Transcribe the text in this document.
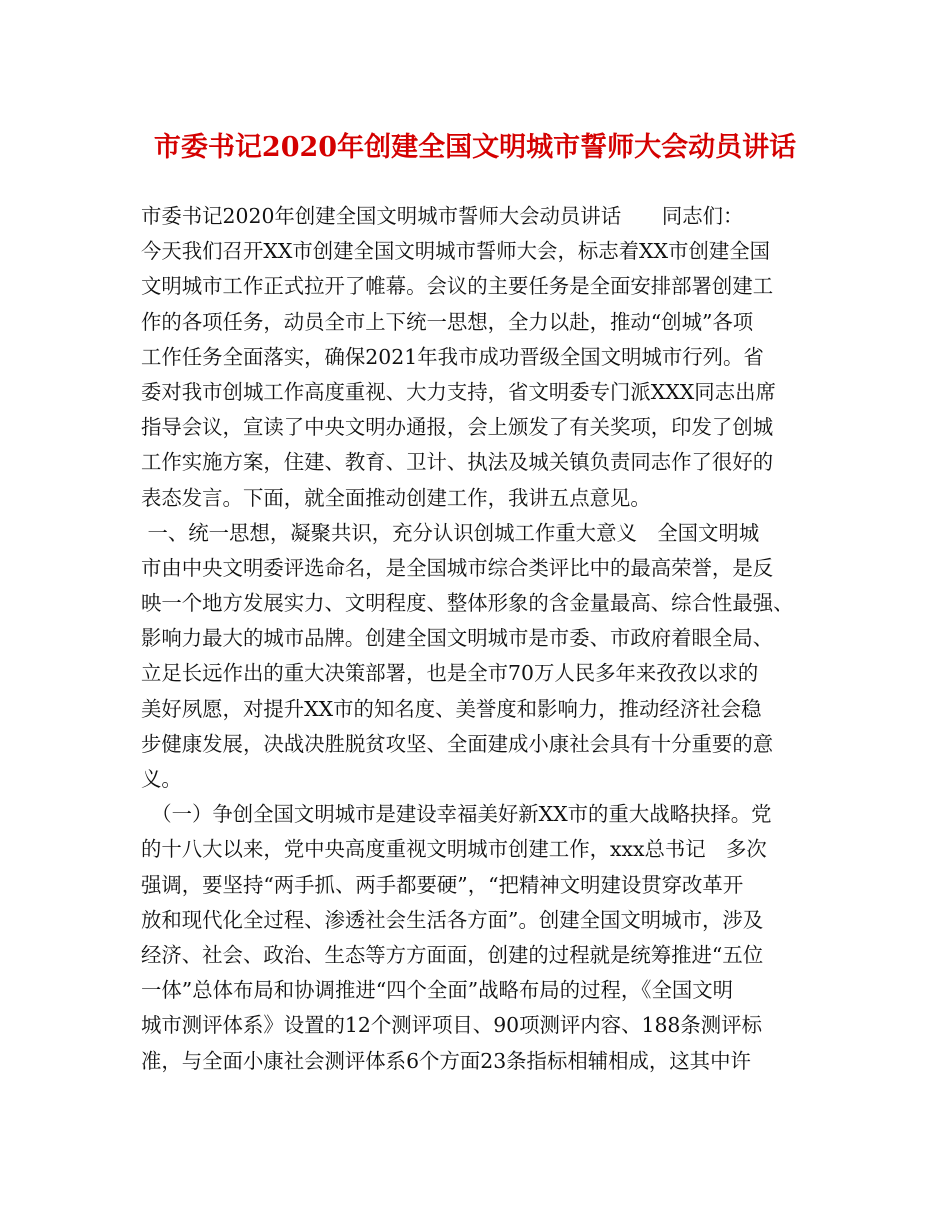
市委书记2020年创建全国文明城市誓师大会动员讲话
市委书记2020年创建全国文明城市誓师大会动员讲话　　同志们：
今天我们召开XX市创建全国文明城市誓师大会，标志着XX市创建全国
文明城市工作正式拉开了帷幕。会议的主要任务是全面安排部署创建工
作的各项任务，动员全市上下统一思想，全力以赴，推动“创城”各项
工作任务全面落实，确保2021年我市成功晋级全国文明城市行列。省
委对我市创城工作高度重视、大力支持，省文明委专门派XXX同志出席
指导会议，宣读了中央文明办通报，会上颁发了有关奖项，印发了创城
工作实施方案，住建、教育、卫计、执法及城关镇负责同志作了很好的
表态发言。下面，就全面推动创建工作，我讲五点意见。
一、统一思想，凝聚共识，充分认识创城工作重大意义　全国文明城
市由中央文明委评选命名，是全国城市综合类评比中的最高荣誉，是反
映一个地方发展实力、文明程度、整体形象的含金量最高、综合性最强、
影响力最大的城市品牌。创建全国文明城市是市委、市政府着眼全局、
立足长远作出的重大决策部署，也是全市70万人民多年来孜孜以求的
美好夙愿，对提升XX市的知名度、美誉度和影响力，推动经济社会稳
步健康发展，决战决胜脱贫攻坚、全面建成小康社会具有十分重要的意
义。
　（一）争创全国文明城市是建设幸福美好新XX市的重大战略抉择。党
的十八大以来，党中央高度重视文明城市创建工作，xxx总书记　多次
强调，要坚持“两手抓、两手都要硬”，“把精神文明建设贯穿改革开
放和现代化全过程、渗透社会生活各方面”。创建全国文明城市，涉及
经济、社会、政治、生态等方方面面，创建的过程就是统筹推进“五位
一体”总体布局和协调推进“四个全面”战略布局的过程，《全国文明
城市测评体系》设置的12个测评项目、90项测评内容、188条测评标
准，与全面小康社会测评体系6个方面23条指标相辅相成，这其中许
